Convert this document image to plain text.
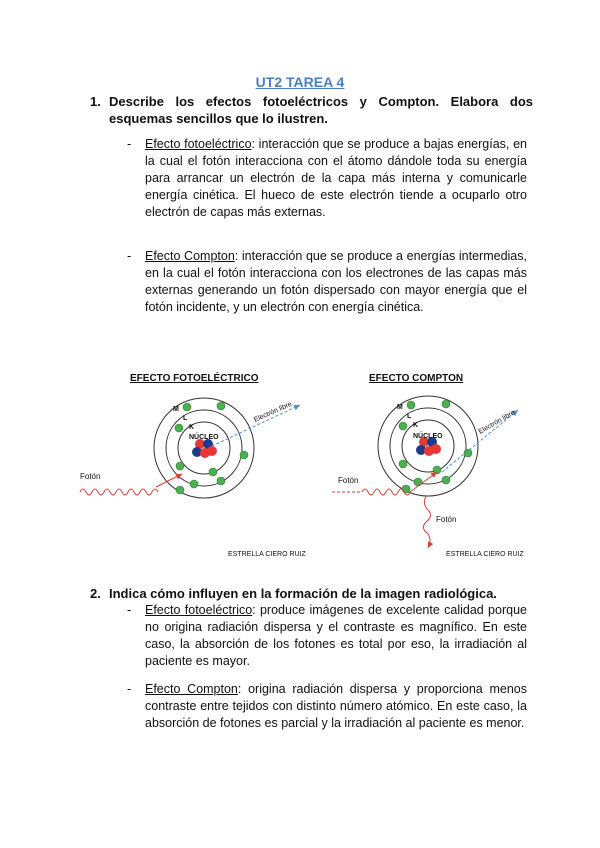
UT2 TAREA 4
1. Describe los efectos fotoeléctricos y Compton. Elabora dos esquemas sencillos que lo ilustren.
-	Efecto fotoeléctrico: interacción que se produce a bajas energías, en la cual el fotón interacciona con el átomo dándole toda su energía para arrancar un electrón de la capa más interna y comunicarle energía cinética. El hueco de este electrón tiende a ocuparlo otro electrón de capas más externas.
-	Efecto Compton: interacción que se produce a energías intermedias, en la cual el fotón interacciona con los electrones de las capas más externas generando un fotón dispersado con mayor energía que el fotón incidente, y un electrón con energía cinética.
EFECTO FOTOELÉCTRICO
NÚCLEO
M
L
K
Electrón libre
Fotón
ESTRELLA CIERO RUIZ
EFECTO COMPTON
NÚCLEO
M
L
K	Electrón libre
Fotón
Fotón
ESTRELLA CIERO RUIZ
2. Indica cómo influyen en la formación de la imagen radiológica.
-	Efecto fotoeléctrico: produce imágenes de excelente calidad porque no origina radiación dispersa y el contraste es magnífico. En este caso, la absorción de los fotones es total por eso, la irradiación al paciente es mayor.
-	Efecto Compton: origina radiación dispersa y proporciona menos contraste entre tejidos con distinto número atómico. En este caso, la absorción de fotones es parcial y la irradiación al paciente es menor.
